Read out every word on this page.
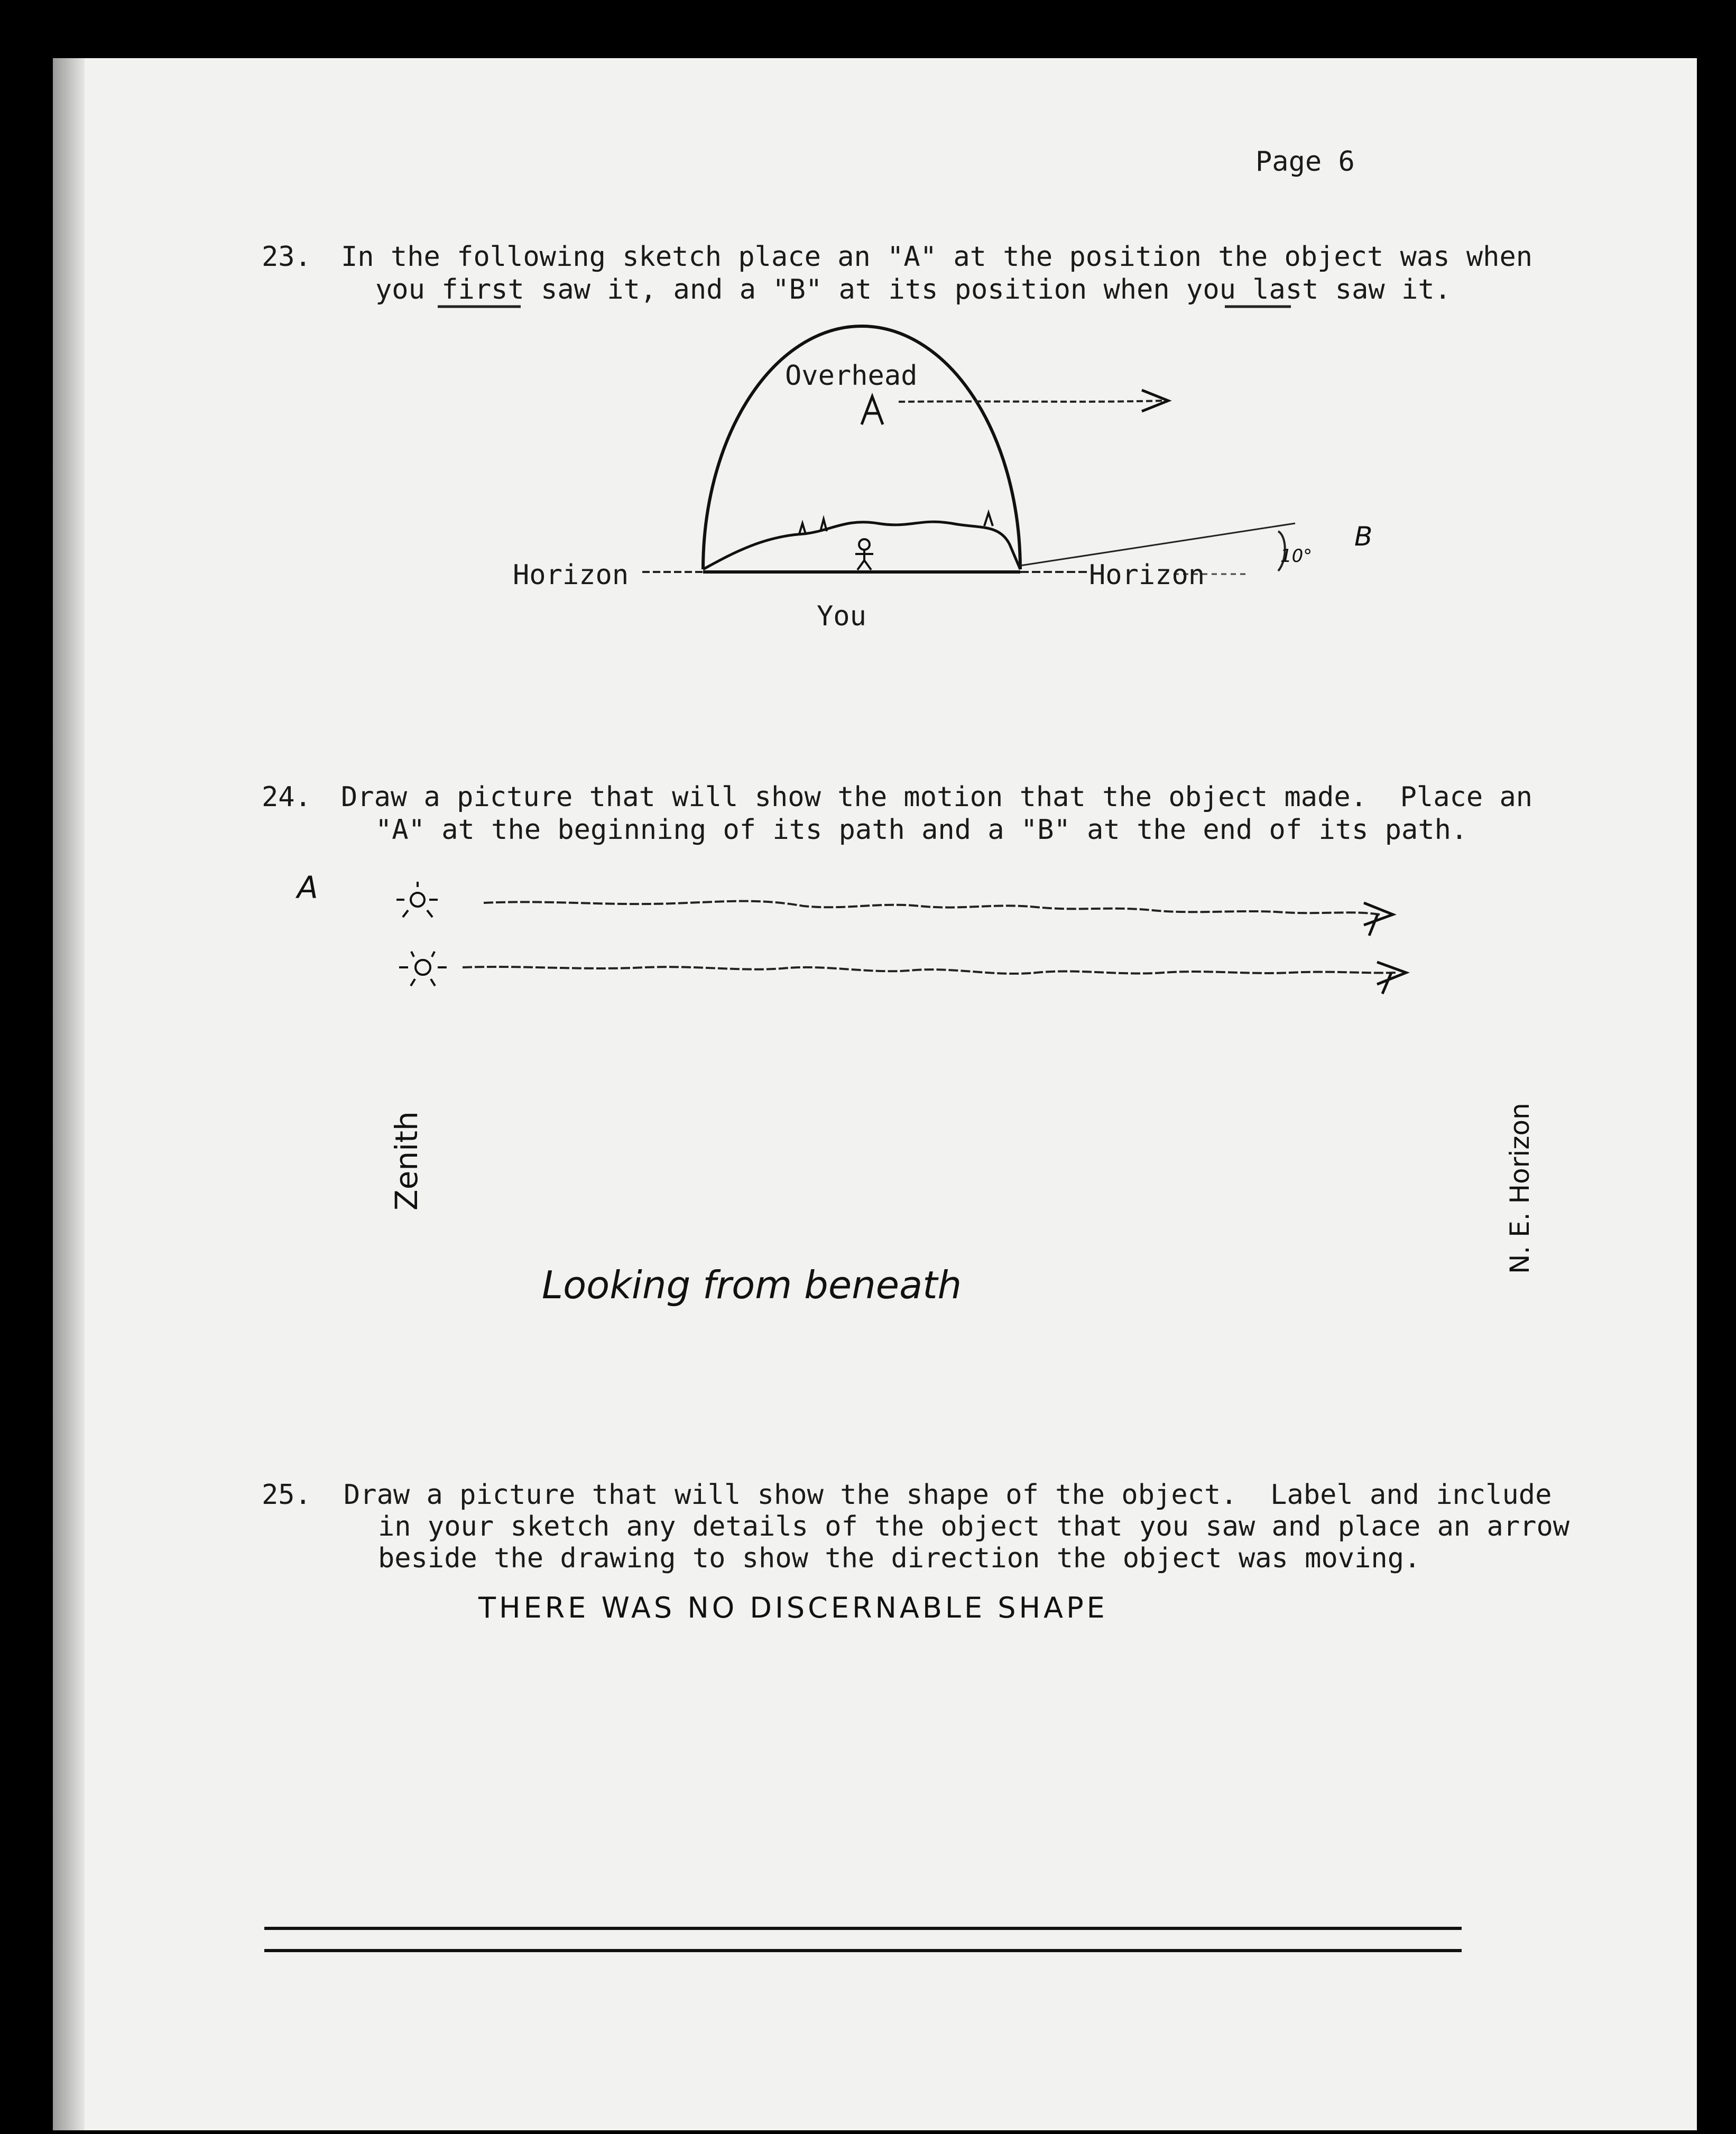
Page 6
23. In the following sketch place an "A" at the position the object was when
you first saw it, and a "B" at its position when you last saw it.
Overhead
Horizon	Horizon
You
10°
B
24. Draw a picture that will show the motion that the object made.  Place an
"A" at the beginning of its path and a "B" at the end of its path.
A
Zenith	N. E. Horizon
Looking from beneath
25. Draw a picture that will show the shape of the object.  Label and include
in your sketch any details of the object that you saw and place an arrow
beside the drawing to show the direction the object was moving.
THERE WAS NO DISCERNABLE SHAPE
